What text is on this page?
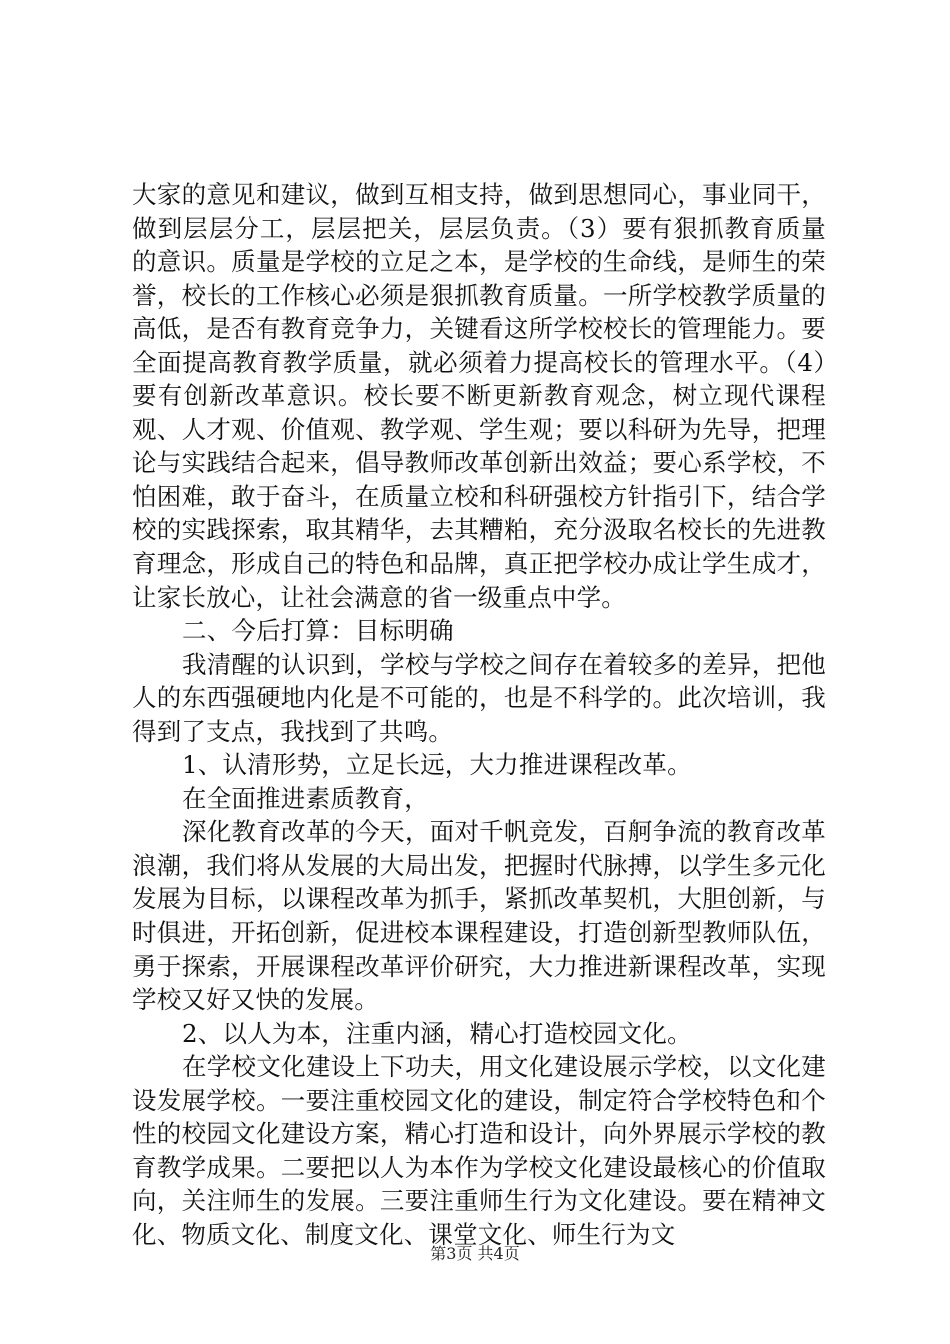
大家的意见和建议，做到互相支持，做到思想同心，事业同干，做到层层分工，层层把关，层层负责。（3）要有狠抓教育质量的意识。质量是学校的立足之本，是学校的生命线，是师生的荣誉，校长的工作核心必须是狠抓教育质量。一所学校教学质量的高低，是否有教育竞争力，关键看这所学校校长的管理能力。要全面提高教育教学质量，就必须着力提高校长的管理水平。（4）要有创新改革意识。校长要不断更新教育观念，树立现代课程观、人才观、价值观、教学观、学生观；要以科研为先导，把理论与实践结合起来，倡导教师改革创新出效益；要心系学校，不怕困难，敢于奋斗，在质量立校和科研强校方针指引下，结合学校的实践探索，取其精华，去其糟粕，充分汲取名校长的先进教育理念，形成自己的特色和品牌，真正把学校办成让学生成才，让家长放心，让社会满意的省一级重点中学。

二、今后打算：目标明确

我清醒的认识到，学校与学校之间存在着较多的差异，把他人的东西强硬地内化是不可能的，也是不科学的。此次培训，我得到了支点，我找到了共鸣。

1、认清形势，立足长远，大力推进课程改革。

在全面推进素质教育，

深化教育改革的今天，面对千帆竞发，百舸争流的教育改革浪潮，我们将从发展的大局出发，把握时代脉搏，以学生多元化发展为目标，以课程改革为抓手，紧抓改革契机，大胆创新，与时俱进，开拓创新，促进校本课程建设，打造创新型教师队伍，勇于探索，开展课程改革评价研究，大力推进新课程改革，实现学校又好又快的发展。

2、以人为本，注重内涵，精心打造校园文化。

在学校文化建设上下功夫，用文化建设展示学校，以文化建设发展学校。一要注重校园文化的建设，制定符合学校特色和个性的校园文化建设方案，精心打造和设计，向外界展示学校的教育教学成果。二要把以人为本作为学校文化建设最核心的价值取向，关注师生的发展。三要注重师生行为文化建设。要在精神文化、物质文化、制度文化、课堂文化、师生行为文

第3页 共4页
